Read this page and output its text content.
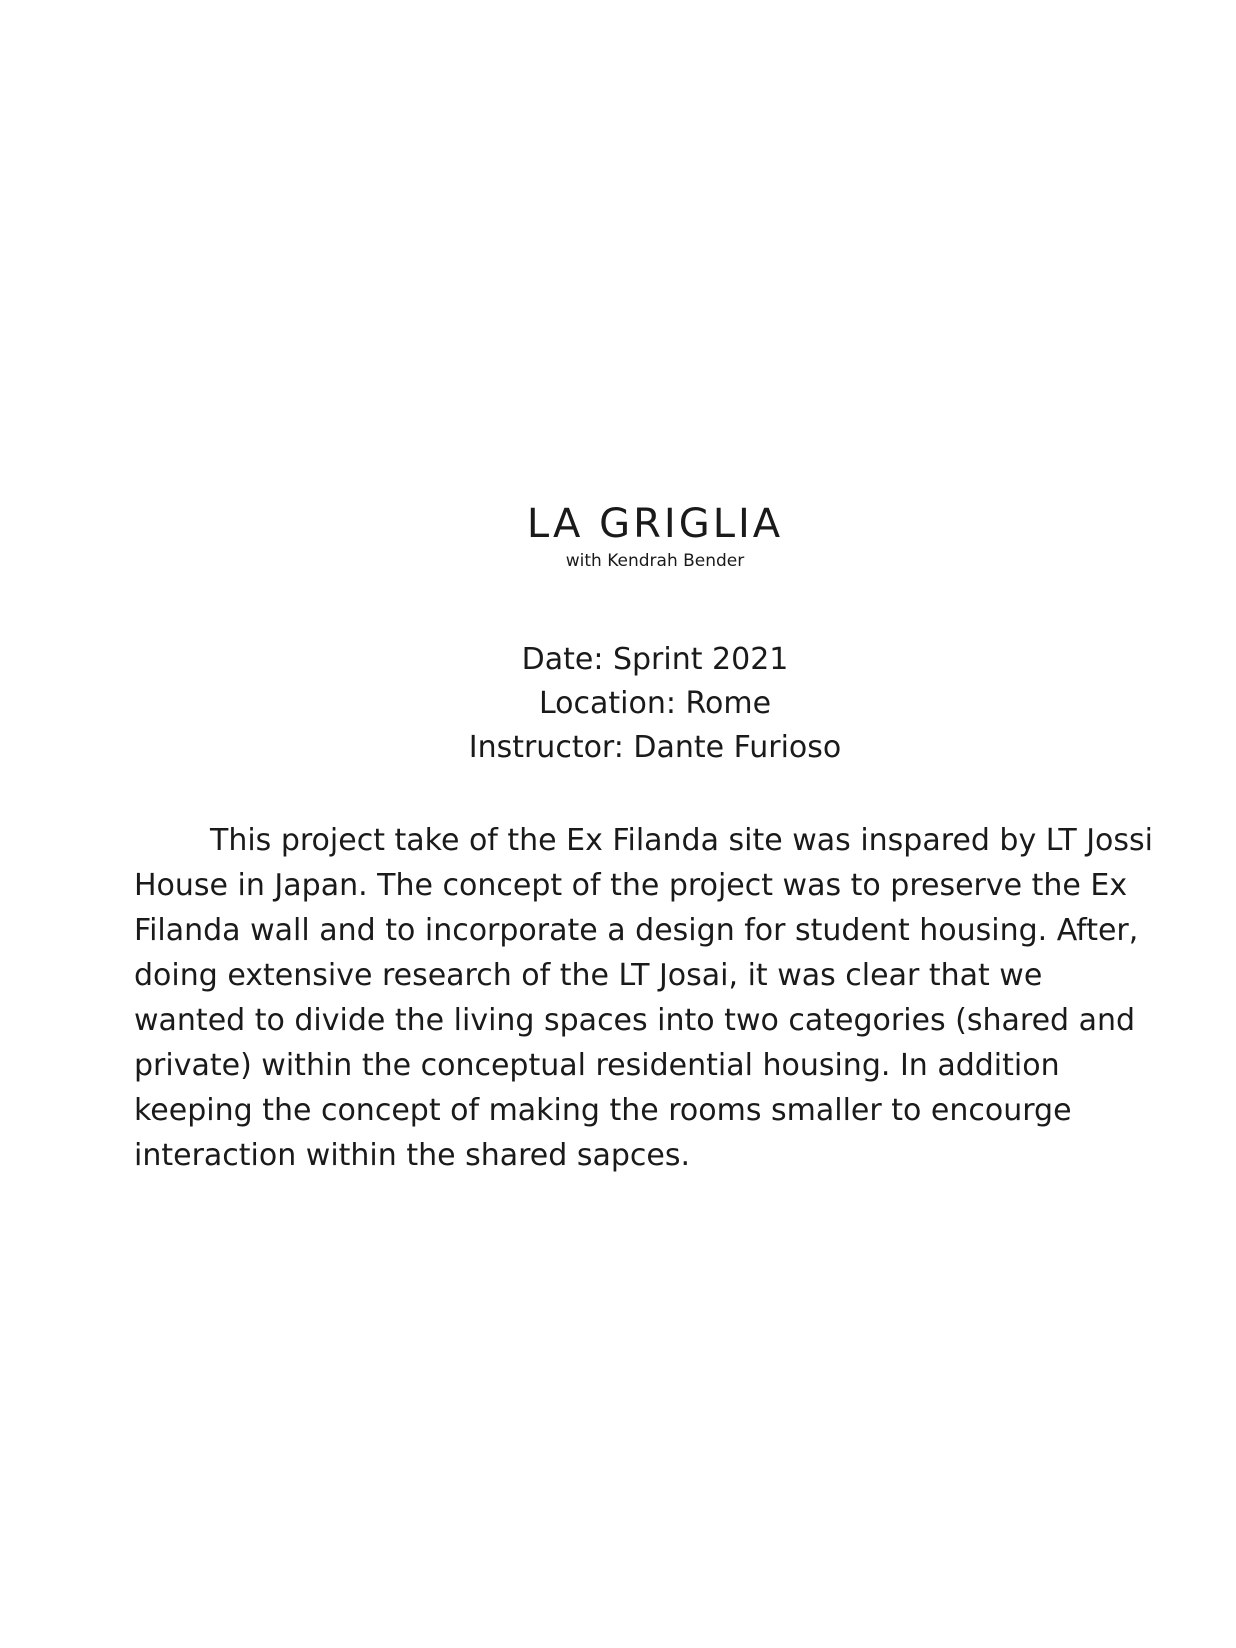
LA GRIGLIA
with Kendrah Bender
Date: Sprint 2021
Location: Rome
Instructor: Dante Furioso

This project take of the Ex Filanda site was inspared by LT Jossi
House in Japan. The concept of the project was to preserve the Ex
Filanda wall and to incorporate a design for student housing. After,
doing extensive research of the LT Josai, it was clear that we
wanted to divide the living spaces into two categories (shared and
private) within the conceptual residential housing. In addition
keeping the concept of making the rooms smaller to encourge
interaction within the shared sapces.
